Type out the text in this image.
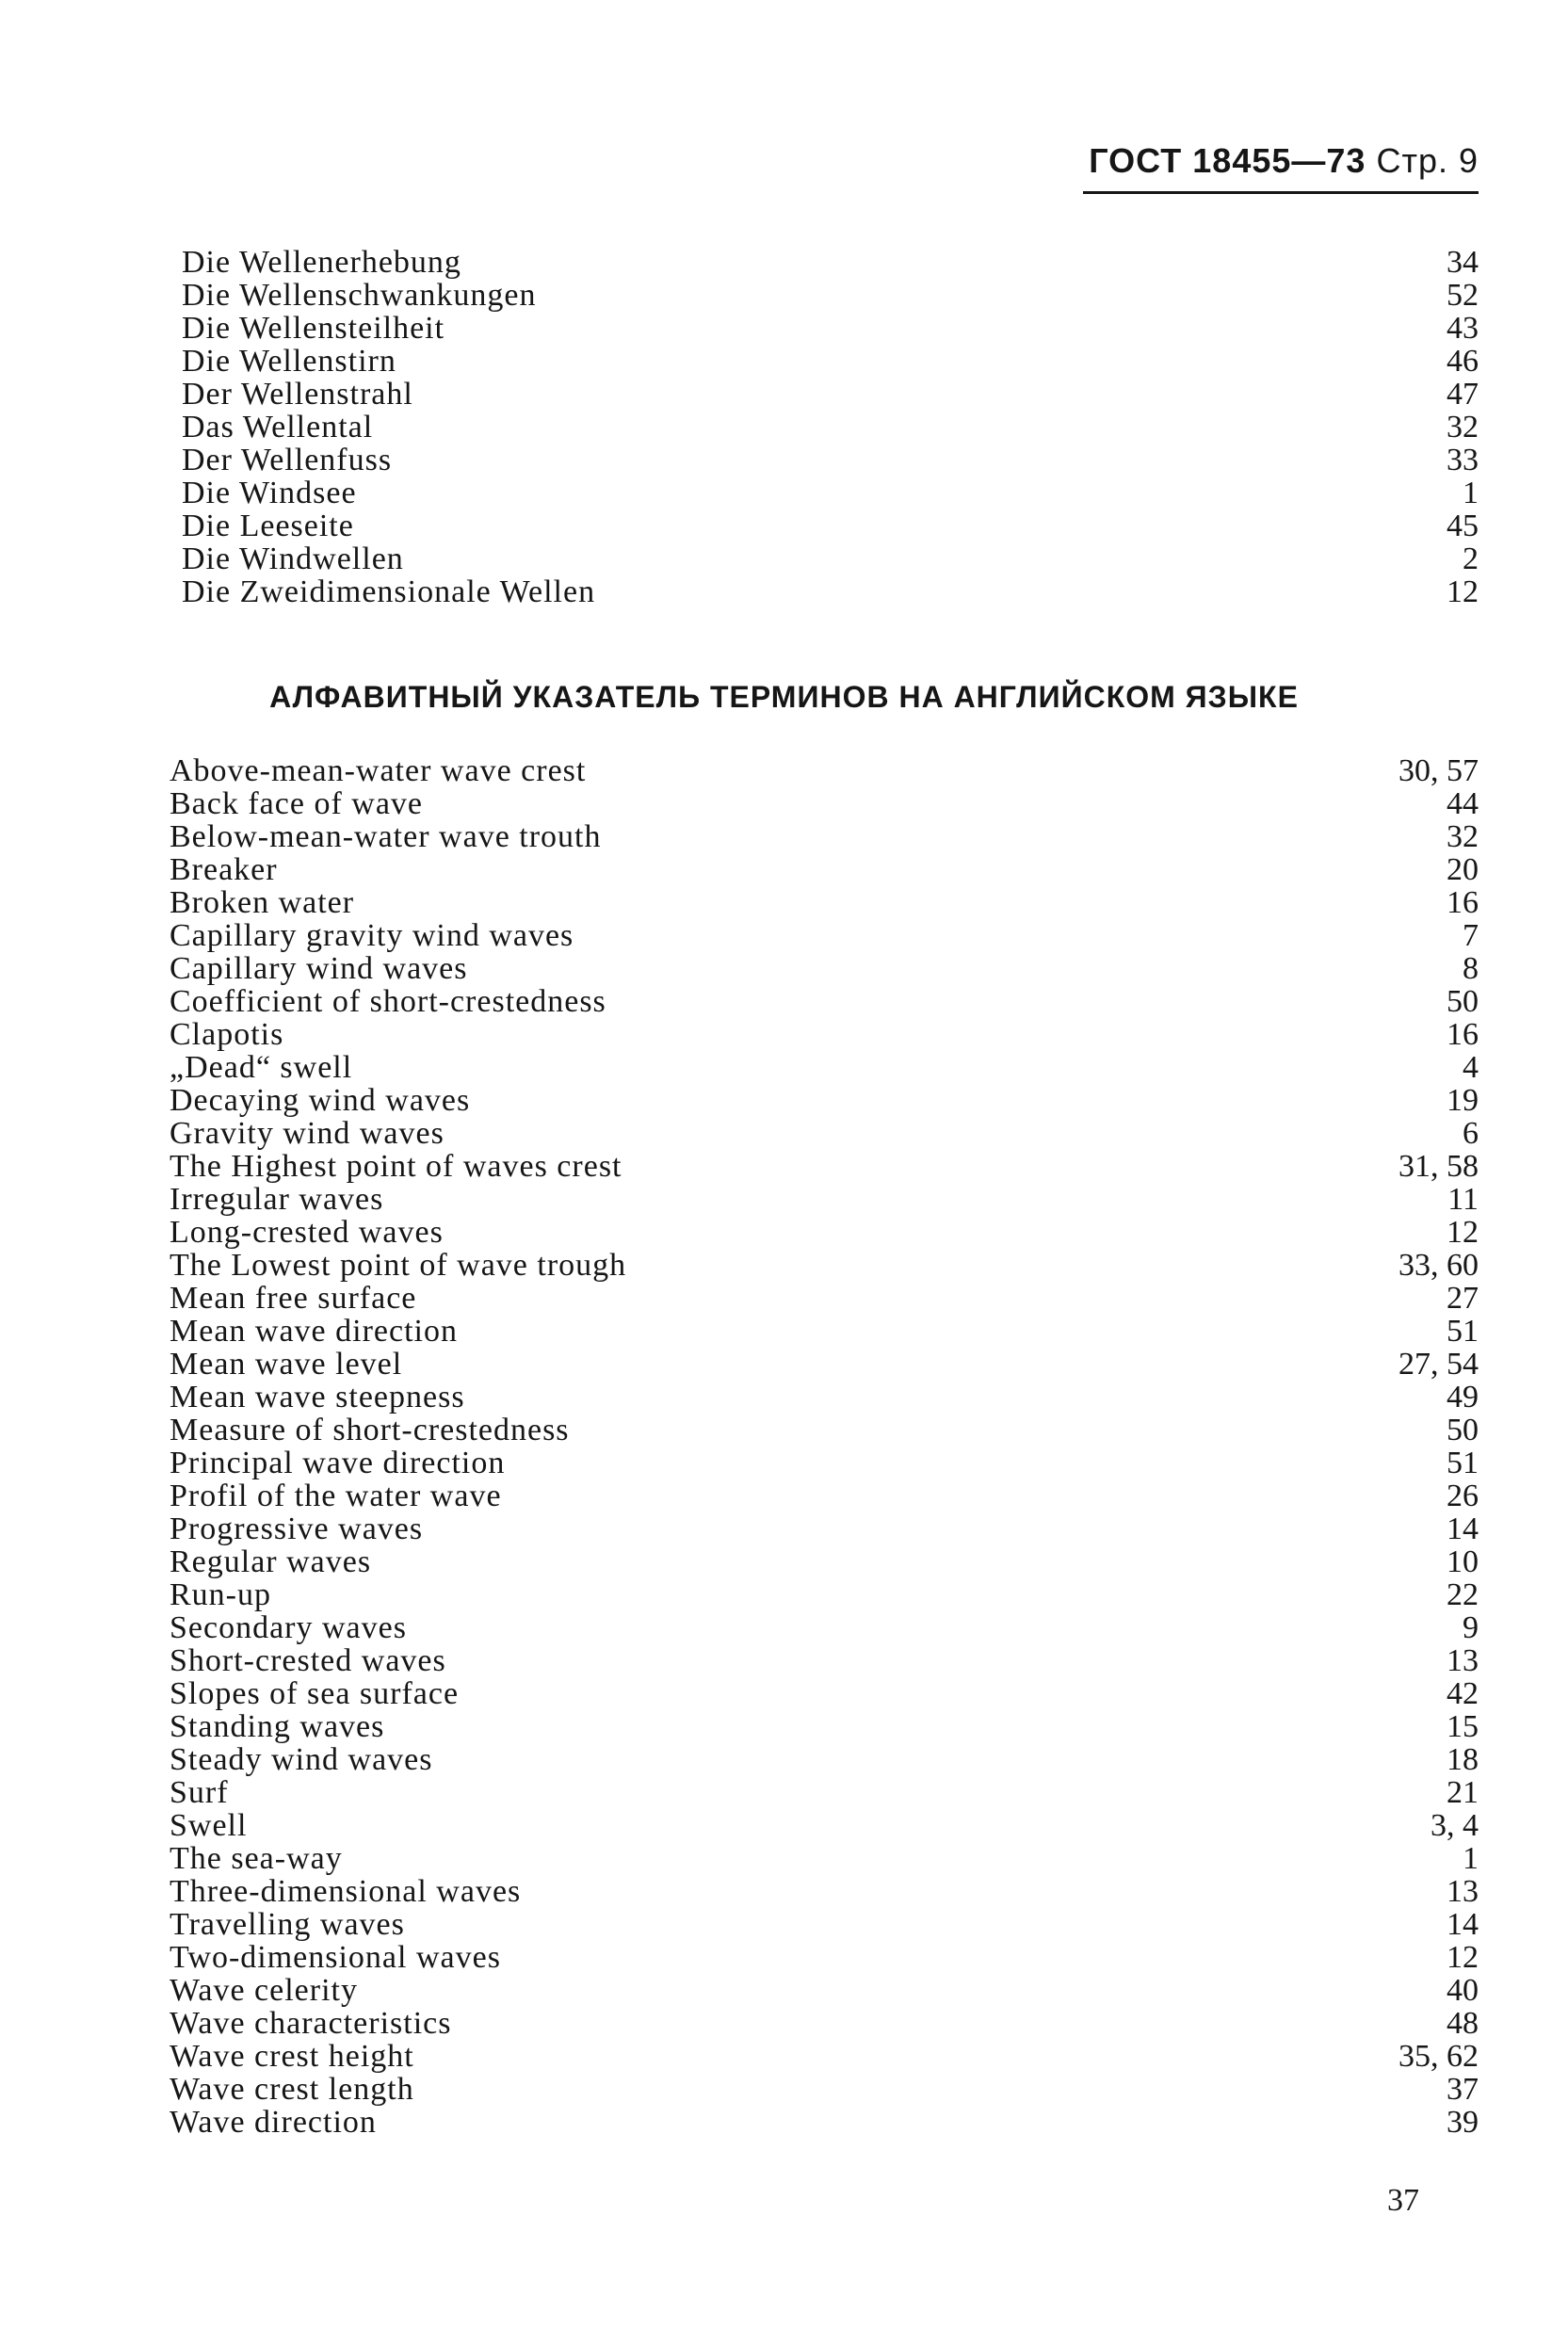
ГОСТ 18455—73 Стр. 9
Die Wellenerhebung	34
Die Wellenschwankungen	52
Die Wellensteilheit	43
Die Wellenstirn	46
Der Wellenstrahl	47
Das Wellental	32
Der Wellenfuss	33
Die Windsee	1
Die Leeseite	45
Die Windwellen	2
Die Zweidimensionale Wellen	12
АЛФАВИТНЫЙ УКАЗАТЕЛЬ ТЕРМИНОВ НА АНГЛИЙСКОМ ЯЗЫКЕ
Above-mean-water wave crest	30, 57
Back face of wave	44
Below-mean-water wave trouth	32
Breaker	20
Broken water	16
Capillary gravity wind waves	7
Capillary wind waves	8
Coefficient of short-crestedness	50
Clapotis	16
„Dead“ swell	4
Decaying wind waves	19
Gravity wind waves	6
The Highest point of waves crest	31, 58
Irregular waves	11
Long-crested waves	12
The Lowest point of wave trough	33, 60
Mean free surface	27
Mean wave direction	51
Mean wave level	27, 54
Mean wave steepness	49
Measure of short-crestedness	50
Principal wave direction	51
Profil of the water wave	26
Progressive waves	14
Regular waves	10
Run-up	22
Secondary waves	9
Short-crested waves	13
Slopes of sea surface	42
Standing waves	15
Steady wind waves	18
Surf	21
Swell	3, 4
The sea-way	1
Three-dimensional waves	13
Travelling waves	14
Two-dimensional waves	12
Wave celerity	40
Wave characteristics	48
Wave crest height	35, 62
Wave crest length	37
Wave direction	39
37
